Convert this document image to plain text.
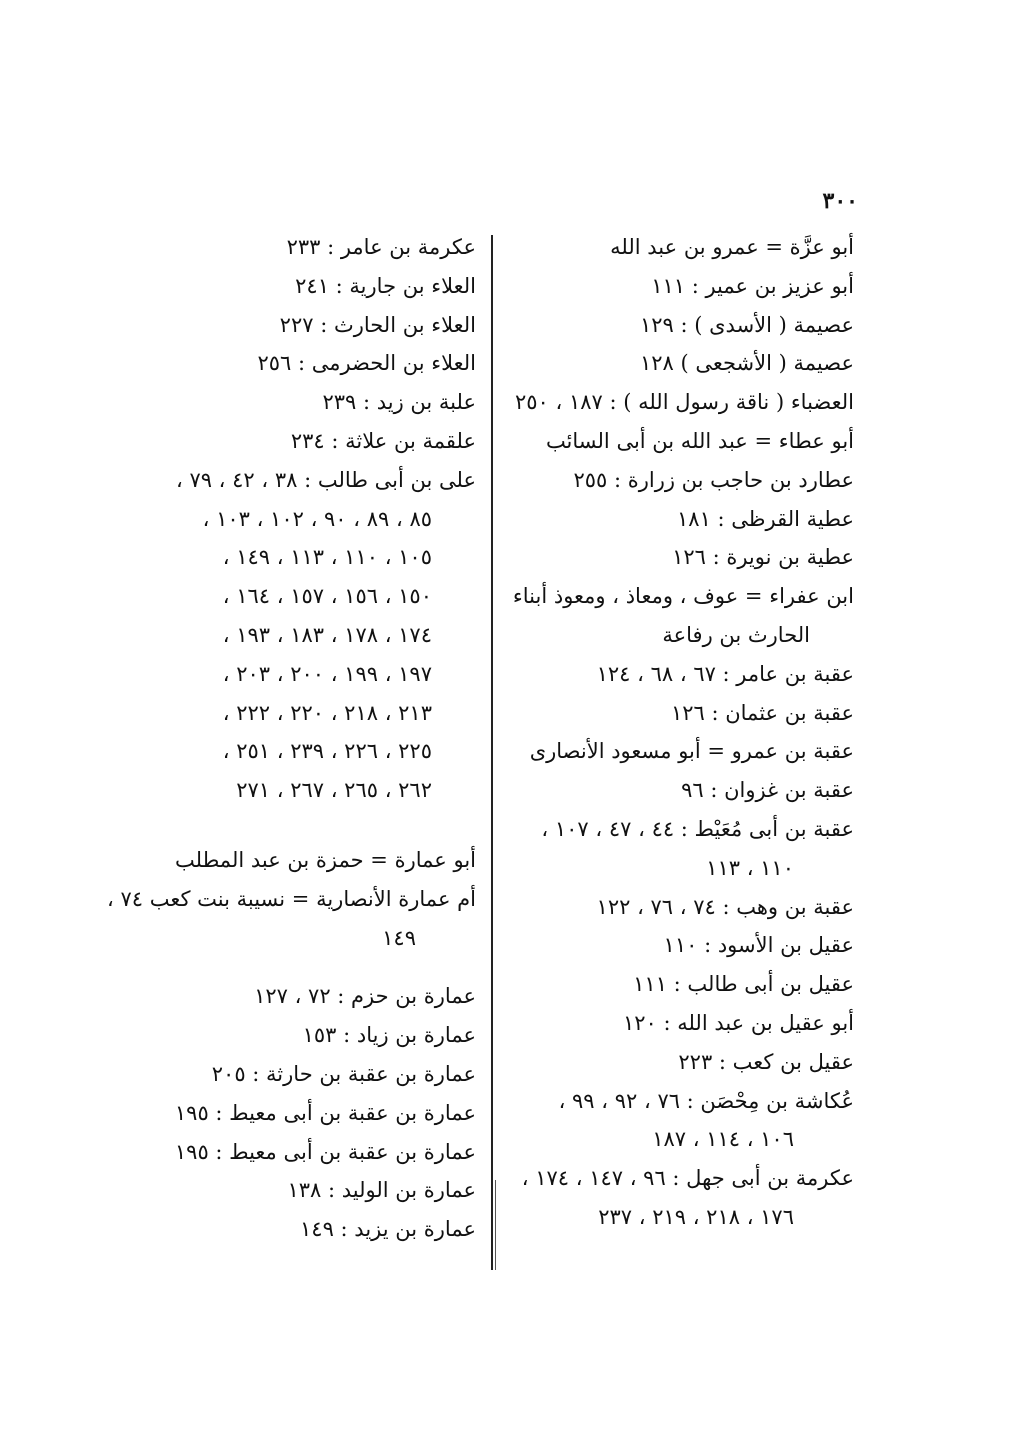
٣٠٠
أبو عزَّة = عمرو بن عبد الله
أبو عزيز بن عمير : ١١١
عصيمة ( الأسدى ) : ١٢٩
عصيمة ( الأشجعى ) ١٢٨
العضباء ( ناقة رسول الله ) : ١٨٧ ، ٢٥٠
أبو عطاء = عبد الله بن أبى السائب
عطارد بن حاجب بن زرارة : ٢٥٥
عطية القرظى : ١٨١
عطية بن نويرة : ١٢٦
ابن عفراء = عوف ، ومعاذ ، ومعوذ أبناء
الحارث بن رفاعة
عقبة بن عامر : ٦٧ ، ٦٨ ، ١٢٤
عقبة بن عثمان : ١٢٦
عقبة بن عمرو = أبو مسعود الأنصارى
عقبة بن غزوان : ٩٦
عقبة بن أبى مُعَيْط : ٤٤ ، ٤٧ ، ١٠٧ ،
١١٠ ، ١١٣
عقبة بن وهب : ٧٤ ، ٧٦ ، ١٢٢
عقيل بن الأسود : ١١٠
عقيل بن أبى طالب : ١١١
أبو عقيل بن عبد الله : ١٢٠
عقيل بن كعب : ٢٢٣
عُكاشة بن مِحْصَن : ٧٦ ، ٩٢ ، ٩٩ ،
١٠٦ ، ١١٤ ، ١٨٧
عكرمة بن أبى جهل : ٩٦ ، ١٤٧ ، ١٧٤ ،
١٧٦ ، ٢١٨ ، ٢١٩ ، ٢٣٧
عكرمة بن عامر : ٢٣٣
العلاء بن جارية : ٢٤١
العلاء بن الحارث : ٢٢٧
العلاء بن الحضرمى : ٢٥٦
علبة بن زيد : ٢٣٩
علقمة بن علاثة : ٢٣٤
على بن أبى طالب : ٣٨ ، ٤٢ ، ٧٩ ،
٨٥ ، ٨٩ ، ٩٠ ، ١٠٢ ، ١٠٣ ،
١٠٥ ، ١١٠ ، ١١٣ ، ١٤٩ ،
١٥٠ ، ١٥٦ ، ١٥٧ ، ١٦٤ ،
١٧٤ ، ١٧٨ ، ١٨٣ ، ١٩٣ ،
١٩٧ ، ١٩٩ ، ٢٠٠ ، ٢٠٣ ،
٢١٣ ، ٢١٨ ، ٢٢٠ ، ٢٢٢ ،
٢٢٥ ، ٢٢٦ ، ٢٣٩ ، ٢٥١ ،
٢٦٢ ، ٢٦٥ ، ٢٦٧ ، ٢٧١
أبو عمارة = حمزة بن عبد المطلب
أم عمارة الأنصارية = نسيبة بنت كعب ٧٤ ،
١٤٩
عمارة بن حزم : ٧٢ ، ١٢٧
عمارة بن زياد : ١٥٣
عمارة بن عقبة بن حارثة : ٢٠٥
عمارة بن عقبة بن أبى معيط : ١٩٥
عمارة بن عقبة بن أبى معيط : ١٩٥
عمارة بن الوليد : ١٣٨
عمارة بن يزيد : ١٤٩
